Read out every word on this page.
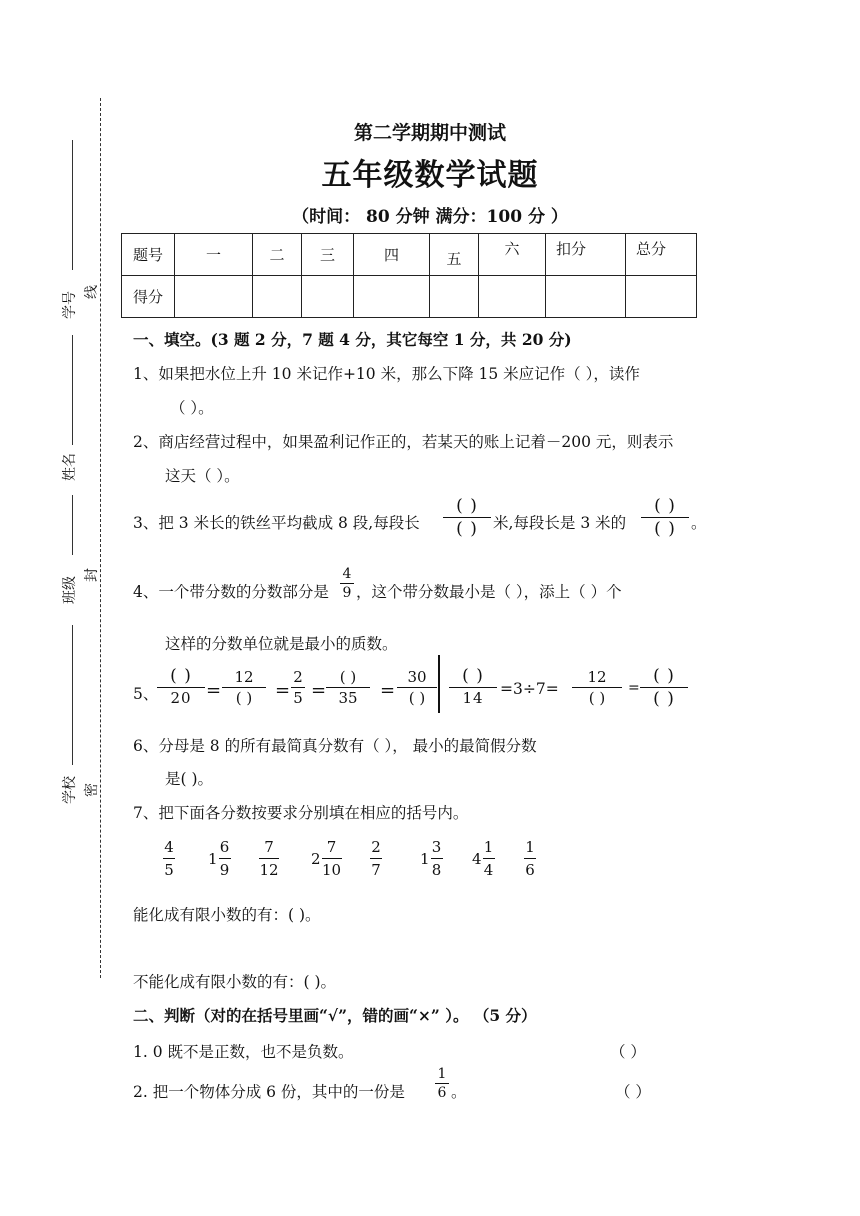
学号 线
姓名
班级
封
学校 密
第二学期期中测试
五年级数学试题
（时间： 80 分钟 满分：100 分 ）
题号	一	二	三	四	五	六	扣分	总分
得分								
一、填空。(3 题 2 分，7 题 4 分，其它每空 1 分，共 20 分)
1、如果把水位上升 10 米记作+10 米，那么下降 15 米应记作（ ），读作
（ ）。
2、商店经营过程中，如果盈利记作正的，若某天的账上记着－200 元，则表示
这天（ ）。
3、把 3 米长的铁丝平均截成 8 段,每段长
( )
( ) 米,每段长是 3 米的
( )
( ) 。
4、一个带分数的分数部分是
4
9 ，这个带分数最小是（ ），添上（ ）个
这样的分数单位就是最小的质数。
5、
( )
20 =
12
( )	=
2
5 =
( )
35	=
30
( )
( )
14	=3÷7=
12
( )
=
( )
( )
6、分母是 8 的所有最简真分数有（ ）， 最小的最简假分数
是( )。
7、把下面各分数按要求分别填在相应的括号内。
4
5
1
6
9
7
12
2
7
10
2
7
1
3
8
4
1
4
1
6
能化成有限小数的有：( )。
不能化成有限小数的有：( )。
二、判断（对的在括号里画“√”，错的画“×” ）。 （5 分）
1. 0 既不是正数，也不是负数。	（ ）
2. 把一个物体分成 6 份，其中的一份是
1
6 。	（ ）
